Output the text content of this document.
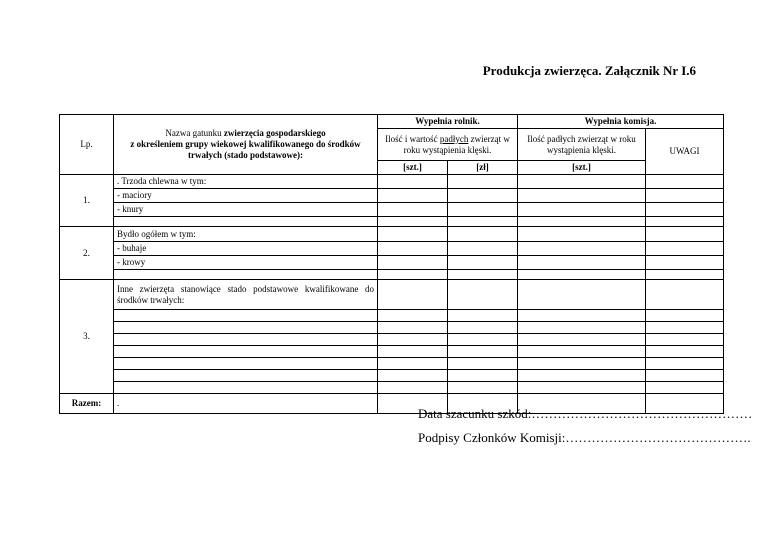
Produkcja zwierzęca. Załącznik Nr I.6
Lp.	Nazwa gatunku zwierzęcia gospodarskiego
z określeniem grupy wiekowej kwalifikowanego do środków trwałych (stado podstawowe):	Wypełnia rolnik.		Wypełnia komisja.	
		Ilość i wartość padłych zwierząt w roku wystąpienia klęski.		Ilość padłych zwierząt w roku wystąpienia klęski.	UWAGI
		[szt.]	[zł]	[szt.]	
1.	. Trzoda chlewna w tym:				
	- maciory				
	- knury				

2.	Bydło ogółem w tym:				
	- buhaje				
	- krowy				

3.	Inne zwierzęta stanowiące stado podstawowe kwalifikowane do środków trwałych:				

Razem:	.				
Data szacunku szkód:……………………………………………
Podpisy Członków Komisji:…………………………………….
